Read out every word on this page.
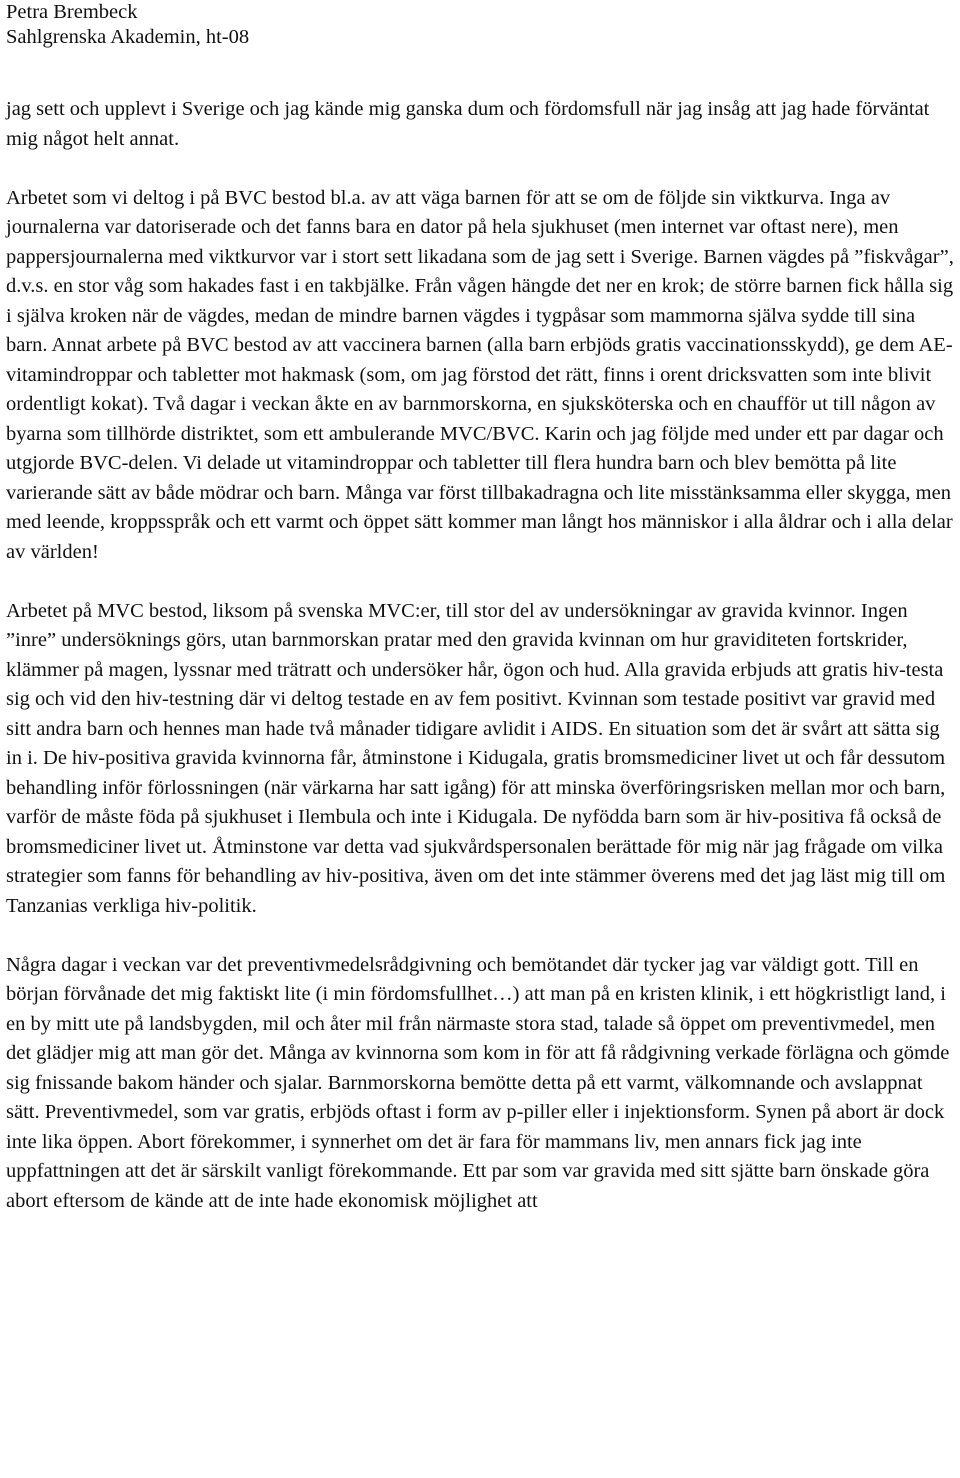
Petra Brembeck
Sahlgrenska Akademin, ht-08

jag sett och upplevt i Sverige och jag kände mig ganska dum och fördomsfull när jag insåg att jag hade förväntat mig något helt annat.

Arbetet som vi deltog i på BVC bestod bl.a. av att väga barnen för att se om de följde sin viktkurva. Inga av journalerna var datoriserade och det fanns bara en dator på hela sjukhuset (men internet var oftast nere), men pappersjournalerna med viktkurvor var i stort sett likadana som de jag sett i Sverige. Barnen vägdes på ”fiskvågar”, d.v.s. en stor våg som hakades fast i en takbjälke. Från vågen hängde det ner en krok; de större barnen fick hålla sig i själva kroken när de vägdes, medan de mindre barnen vägdes i tygpåsar som mammorna själva sydde till sina barn. Annat arbete på BVC bestod av att vaccinera barnen (alla barn erbjöds gratis vaccinationsskydd), ge dem AE-vitamindroppar och tabletter mot hakmask (som, om jag förstod det rätt, finns i orent dricksvatten som inte blivit ordentligt kokat). Två dagar i veckan åkte en av barnmorskorna, en sjuksköterska och en chaufför ut till någon av byarna som tillhörde distriktet, som ett ambulerande MVC/BVC. Karin och jag följde med under ett par dagar och utgjorde BVC-delen. Vi delade ut vitamindroppar och tabletter till flera hundra barn och blev bemötta på lite varierande sätt av både mödrar och barn. Många var först tillbakadragna och lite misstänksamma eller skygga, men med leende, kroppsspråk och ett varmt och öppet sätt kommer man långt hos människor i alla åldrar och i alla delar av världen!

Arbetet på MVC bestod, liksom på svenska MVC:er, till stor del av undersökningar av gravida kvinnor. Ingen ”inre” undersöknings görs, utan barnmorskan pratar med den gravida kvinnan om hur graviditeten fortskrider, klämmer på magen, lyssnar med trätratt och undersöker hår, ögon och hud. Alla gravida erbjuds att gratis hiv-testa sig och vid den hiv-testning där vi deltog testade en av fem positivt. Kvinnan som testade positivt var gravid med sitt andra barn och hennes man hade två månader tidigare avlidit i AIDS. En situation som det är svårt att sätta sig in i. De hiv-positiva gravida kvinnorna får, åtminstone i Kidugala, gratis bromsmediciner livet ut och får dessutom behandling inför förlossningen (när värkarna har satt igång) för att minska överföringsrisken mellan mor och barn, varför de måste föda på sjukhuset i Ilembula och inte i Kidugala. De nyfödda barn som är hiv-positiva få också de bromsmediciner livet ut. Åtminstone var detta vad sjukvårdspersonalen berättade för mig när jag frågade om vilka strategier som fanns för behandling av hiv-positiva, även om det inte stämmer överens med det jag läst mig till om Tanzanias verkliga hiv-politik.

Några dagar i veckan var det preventivmedelsrådgivning och bemötandet där tycker jag var väldigt gott. Till en början förvånade det mig faktiskt lite (i min fördomsfullhet…) att man på en kristen klinik, i ett högkristligt land, i en by mitt ute på landsbygden, mil och åter mil från närmaste stora stad, talade så öppet om preventivmedel, men det glädjer mig att man gör det. Många av kvinnorna som kom in för att få rådgivning verkade förlägna och gömde sig fnissande bakom händer och sjalar. Barnmorskorna bemötte detta på ett varmt, välkomnande och avslappnat sätt. Preventivmedel, som var gratis, erbjöds oftast i form av p-piller eller i injektionsform. Synen på abort är dock inte lika öppen. Abort förekommer, i synnerhet om det är fara för mammans liv, men annars fick jag inte uppfattningen att det är särskilt vanligt förekommande. Ett par som var gravida med sitt sjätte barn önskade göra abort eftersom de kände att de inte hade ekonomisk möjlighet att
